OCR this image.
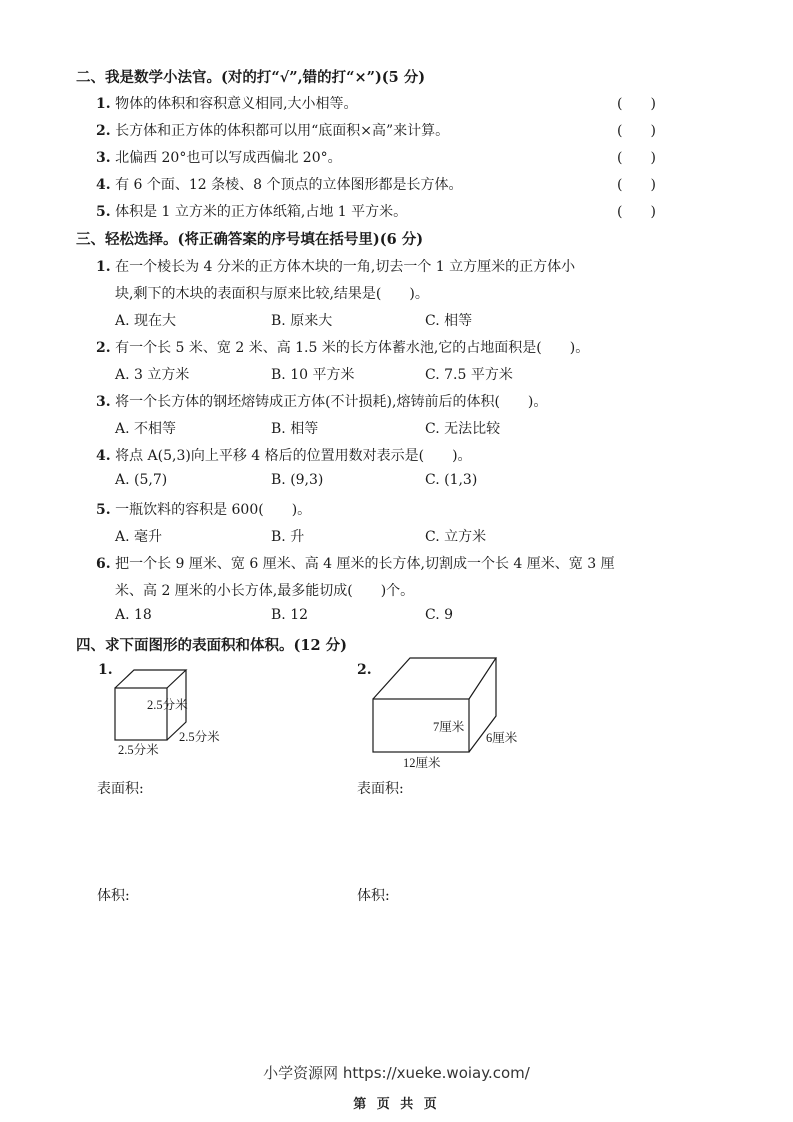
二、我是数学小法官。(对的打“√”,错的打“×”)(5 分)
1. 物体的体积和容积意义相同,大小相等。	(　　)
2. 长方体和正方体的体积都可以用“底面积×高”来计算。	(　　)
3. 北偏西 20°也可以写成西偏北 20°。	(　　)
4. 有 6 个面、12 条棱、8 个顶点的立体图形都是长方体。	(　　)
5. 体积是 1 立方米的正方体纸箱,占地 1 平方米。	(　　)
三、轻松选择。(将正确答案的序号填在括号里)(6 分)
1. 在一个棱长为 4 分米的正方体木块的一角,切去一个 1 立方厘米的正方体小
块,剩下的木块的表面积与原来比较,结果是(　　)。
A. 现在大	B. 原来大	C. 相等
2. 有一个长 5 米、宽 2 米、高 1.5 米的长方体蓄水池,它的占地面积是(　　)。
A. 3 立方米	B. 10 平方米	C. 7.5 平方米
3. 将一个长方体的钢坯熔铸成正方体(不计损耗),熔铸前后的体积(　　)。
A. 不相等	B. 相等	C. 无法比较
4. 将点 A(5,3)向上平移 4 格后的位置用数对表示是(　　)。
A. (5,7)	B. (9,3)	C. (1,3)
5. 一瓶饮料的容积是 600(　　)。
A. 毫升	B. 升	C. 立方米
6. 把一个长 9 厘米、宽 6 厘米、高 4 厘米的长方体,切割成一个长 4 厘米、宽 3 厘
米、高 2 厘米的小长方体,最多能切成(　　)个。
A. 18	B. 12	C. 9
四、求下面图形的表面积和体积。(12 分)
1.
2.5分米
2.5分米
2.5分米
2.
7厘米
6厘米
12厘米
表面积:	表面积:
体积:	体积:
小学资源网 https://xueke.woiay.com/
第 页 共 页
